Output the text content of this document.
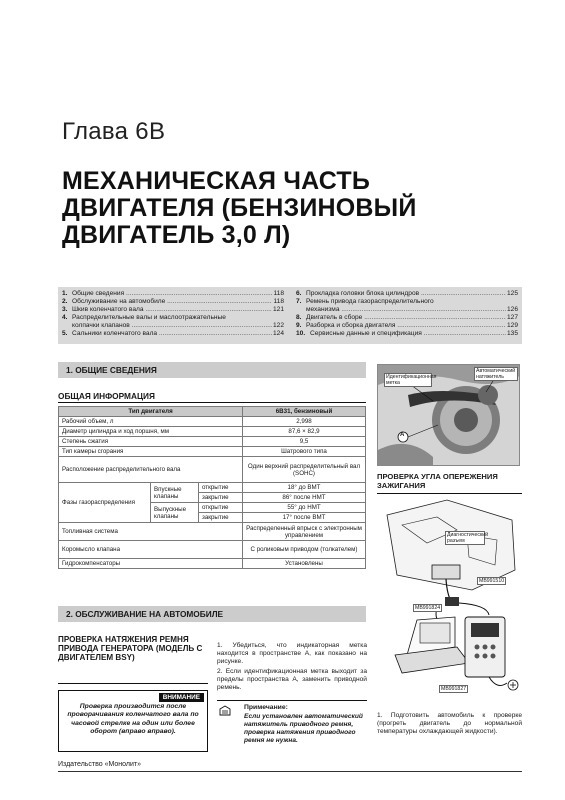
Глава 6В
МЕХАНИЧЕСКАЯ ЧАСТЬ
ДВИГАТЕЛЯ (БЕНЗИНОВЫЙ
ДВИГАТЕЛЬ 3,0 Л)
1. Общие сведения .....	118
2. Обслуживание на автомобиле .....	118
3. Шкив коленчатого вала .....	121
4. Распределительные валы и маслоотражательные
колпачки клапанов .....	122
5. Сальники коленчатого вала .....	124
6. Прокладка головки блока цилиндров .....	125
7. Ремень привода газораспределительного
механизма .....	126
8. Двигатель в сборе .....	127
9. Разборка и сборка двигателя .....	129
10. Сервисные данные и спецификация .....	135
1. ОБЩИЕ СВЕДЕНИЯ
ОБЩАЯ ИНФОРМАЦИЯ
Тип двигателя			6В31, бензиновый
Рабочий объем, л			2,998
Диаметр цилиндра и ход поршня, мм			87,6 × 82,9
Степень сжатия			9,5
Тип камеры сгорания			Шатрового типа
Расположение распределительного вала			Один верхний распределительный вал (SOHC)
Фазы газораспределения	Впускные клапаны	открытие	18° до ВМТ
		закрытие	86° после НМТ
	Выпускные клапаны	открытие	55° до НМТ
		закрытие	17° после ВМТ
Топливная система			Распределенный впрыск с электронным управлением
Коромысло клапана			С роликовым приводом (толкателем)
Гидрокомпенсаторы			Установлены
Автоматический натяжитель
Идентификационная метка
А
ПРОВЕРКА УГЛА ОПЕРЕЖЕНИЯ ЗАЖИГАНИЯ
Диагностический разъем
MB991510
MB991824
MB991827
2. ОБСЛУЖИВАНИЕ НА АВТОМОБИЛЕ
ПРОВЕРКА НАТЯЖЕНИЯ РЕМНЯ ПРИВОДА ГЕНЕРАТОРА (МОДЕЛЬ С ДВИГАТЕЛЕМ BSY)
ВНИМАНИЕ
Проверка производится после проворачивания коленчатого вала по часовой стрелке на один или более оборот (вправо вправо).

1. Убедиться, что индикаторная метка находится в пространстве А, как показано на рисунке.

2. Если идентификационная метка выходит за пределы пространства А, заменить приводной ремень.

Примечание:
Если установлен автоматический натяжитель приводного ремня, проверка натяжения приводного ремня не нужна.

1. Подготовить автомобиль к проверке (прогреть двигатель до нормальной температуры охлаждающей жидкости).

Издательство «Монолит»
